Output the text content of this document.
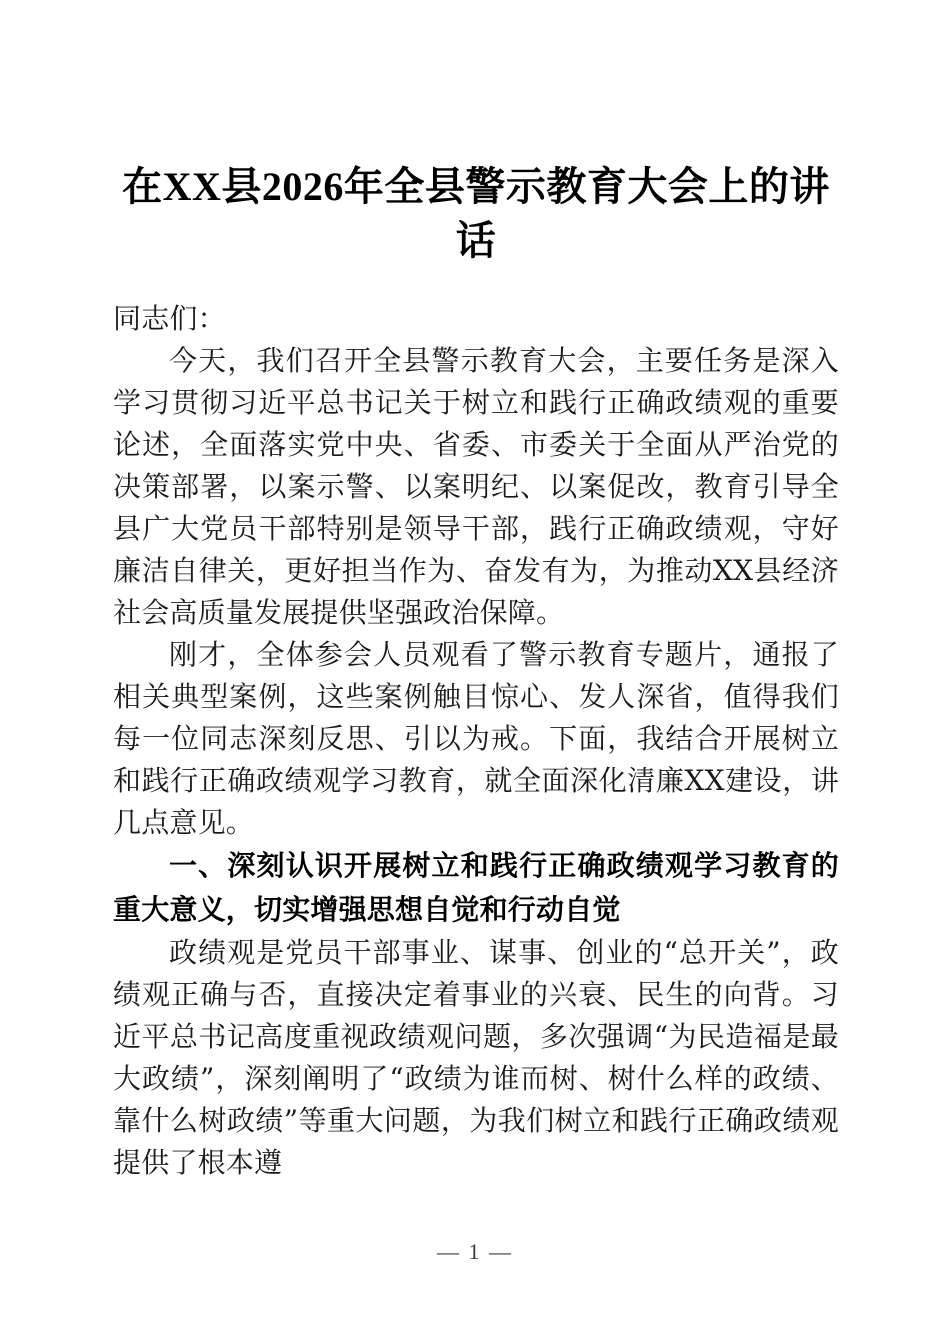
在XX县2026年全县警示教育大会上的讲话

同志们：

今天，我们召开全县警示教育大会，主要任务是深入学习贯彻习近平总书记关于树立和践行正确政绩观的重要论述，全面落实党中央、省委、市委关于全面从严治党的决策部署，以案示警、以案明纪、以案促改，教育引导全县广大党员干部特别是领导干部，践行正确政绩观，守好廉洁自律关，更好担当作为、奋发有为，为推动XX县经济社会高质量发展提供坚强政治保障。

刚才，全体参会人员观看了警示教育专题片，通报了相关典型案例，这些案例触目惊心、发人深省，值得我们每一位同志深刻反思、引以为戒。下面，我结合开展树立和践行正确政绩观学习教育，就全面深化清廉XX建设，讲几点意见。

一、深刻认识开展树立和践行正确政绩观学习教育的重大意义，切实增强思想自觉和行动自觉

政绩观是党员干部事业、谋事、创业的“总开关”，政绩观正确与否，直接决定着事业的兴衰、民生的向背。习近平总书记高度重视政绩观问题，多次强调“为民造福是最大政绩”，深刻阐明了“政绩为谁而树、树什么样的政绩、靠什么树政绩”等重大问题，为我们树立和践行正确政绩观提供了根本遵

— 1 —
